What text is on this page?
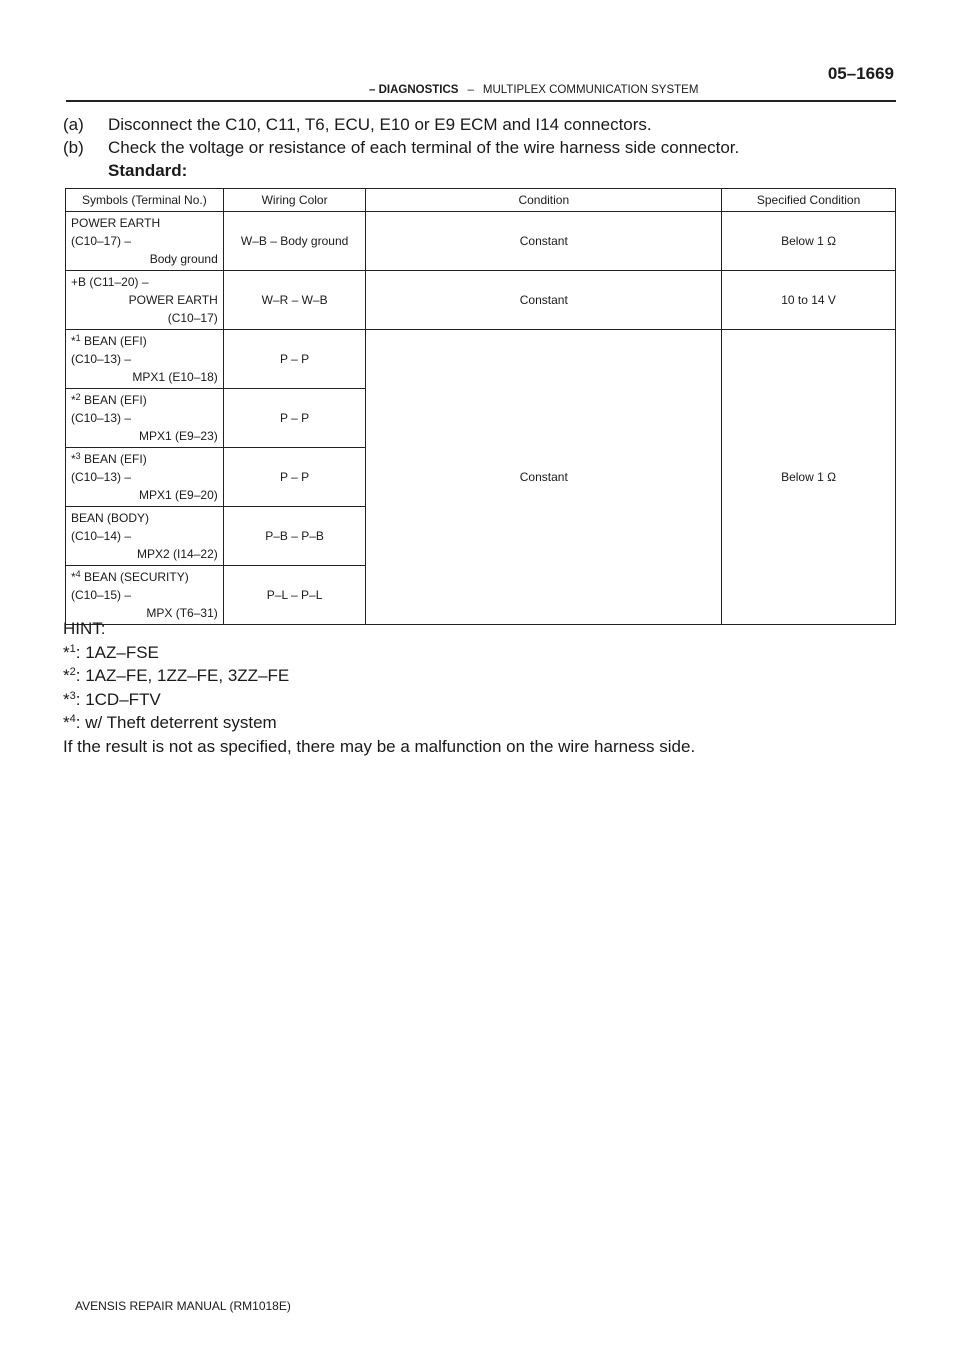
– DIAGNOSTICS – MULTIPLEX COMMUNICATION SYSTEM
05–1669
(a)	Disconnect the C10, C11, T6, ECU, E10 or E9 ECM and I14 connectors.
(b)	Check the voltage or resistance of each terminal of the wire harness side connector.
Standard:
Symbols (Terminal No.)	Wiring Color	Condition	Specified Condition

POWER EARTH
(C10–17) –
Body ground	W–B – Body ground	Constant	Below 1 Ω

+B (C11–20) –
POWER EARTH
(C10–17)	W–R – W–B	Constant	10 to 14 V

*$^1$ BEAN (EFI)
(C10–13) –
MPX1 (E10–18)	P – P	Constant	Below 1 Ω

*$^2$ BEAN (EFI)
(C10–13) –
MPX1 (E9–23)	P – P		

*$^3$ BEAN (EFI)
(C10–13) –
MPX1 (E9–20)	P – P		

BEAN (BODY)
(C10–14) –
MPX2 (I14–22)	P–B – P–B		

*$^4$ BEAN (SECURITY)
(C10–15) –
MPX (T6–31)	P–L – P–L		
HINT:
*$^1$: 1AZ–FSE
*$^2$: 1AZ–FE, 1ZZ–FE, 3ZZ–FE
*$^3$: 1CD–FTV
*$^4$: w/ Theft deterrent system
If the result is not as specified, there may be a malfunction on the wire harness side.
AVENSIS REPAIR MANUAL (RM1018E)
